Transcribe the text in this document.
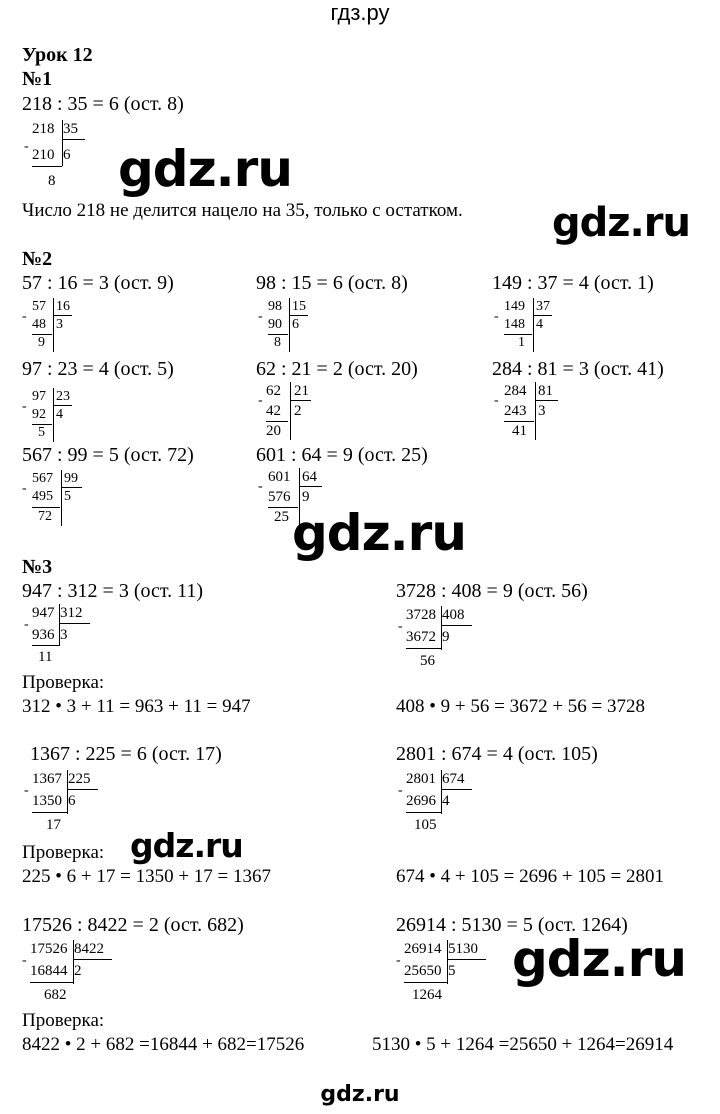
гдз.ру
Урок 12
№1
218 : 35 = 6 (ост. 8)
218 35
-
210 6
8 gdz.ru
Число 218 не делится нацело на 35, только с остатком. gdz.ru
№2
57 : 16 = 3 (ост. 9)	98 : 15 = 6 (ост. 8)	149 : 37 = 4 (ост. 1)
57 16
-
48 3
9
98 15
-
90 6
8
149 37
-
148 4
1
97 : 23 = 4 (ост. 5)	62 : 21 = 2 (ост. 20)	284 : 81 = 3 (ост. 41)
97 23
-
92 4
5
62 21
-
42 2
20
284 81
-
243 3
41
567 : 99 = 5 (ост. 72)	601 : 64 = 9 (ост. 25)
567 99
-
495 5
72
601 64
-
576 9
25 gdz.ru
№3
947 : 312 = 3 (ост. 11)	3728 : 408 = 9 (ост. 56)
947 312
-
936 3
11
3728 408
-
3672 9
56
Проверка:
312 • 3 + 11 = 963 + 11 = 947	408 • 9 + 56 = 3672 + 56 = 3728
1367 : 225 = 6 (ост. 17)	2801 : 674 = 4 (ост. 105)
1367 225
-
1350 6
17
2801 674
-
2696 4
105
Проверка: gdz.ru
225 • 6 + 17 = 1350 + 17 = 1367	674 • 4 + 105 = 2696 + 105 = 2801
17526 : 8422 = 2 (ост. 682)	26914 : 5130 = 5 (ост. 1264)
17526 8422
-
16844 2
682
26914 5130
-
25650 5
1264
gdz.ru
Проверка:
8422 • 2 + 682 =16844 + 682=17526	5130 • 5 + 1264 =25650 + 1264=26914
gdz.ru
